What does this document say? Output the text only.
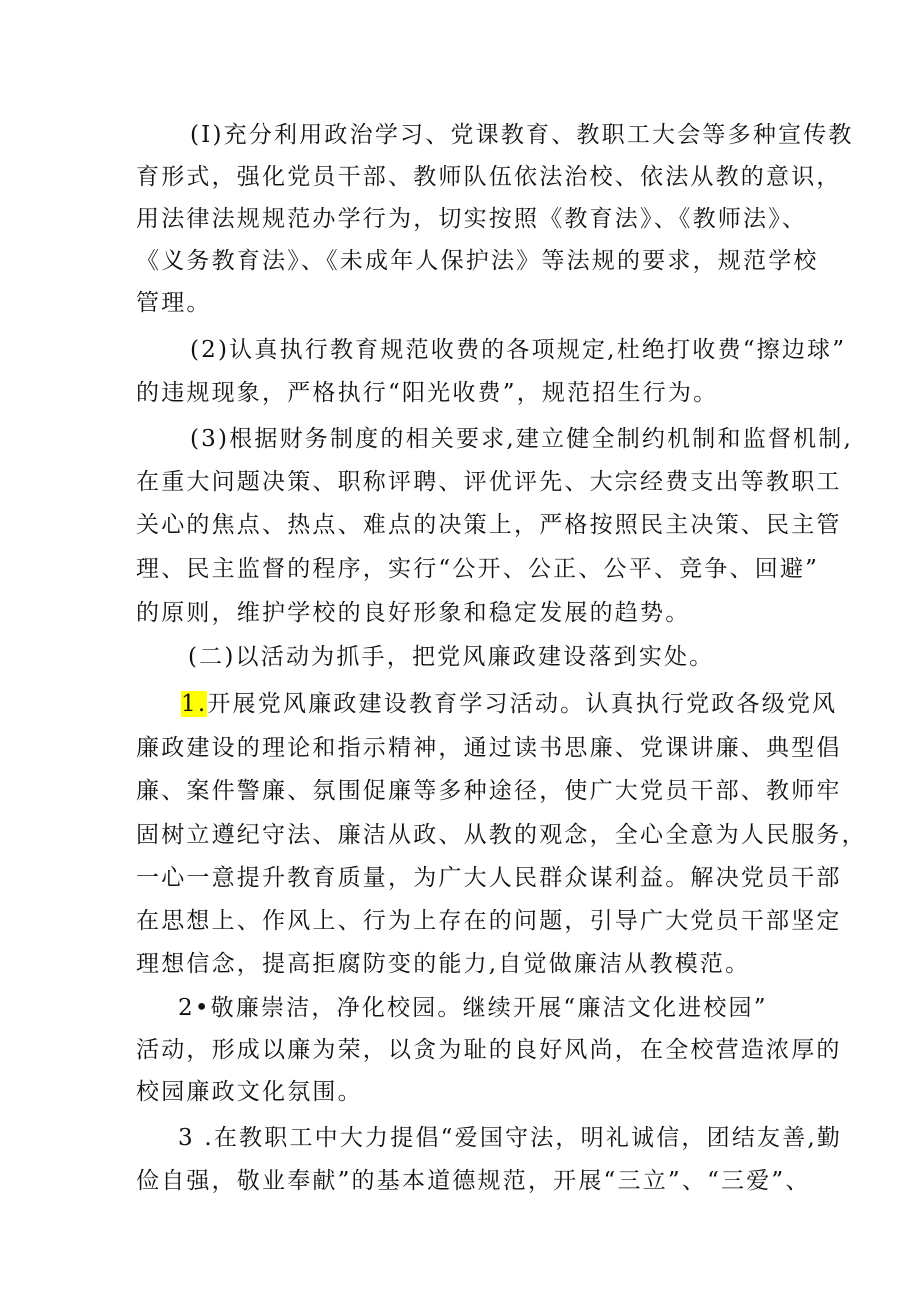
(I)充分利用政治学习、党课教育、教职工大会等多种宣传教
育形式，强化党员干部、教师队伍依法治校、依法从教的意识，
用法律法规规范办学行为，切实按照《教育法》、《教师法》、
《义务教育法》、《未成年人保护法》等法规的要求，规范学校
管理。
(2)认真执行教育规范收费的各项规定,杜绝打收费“擦边球”
的违规现象，严格执行“阳光收费”，规范招生行为。
(3)根据财务制度的相关要求,建立健全制约机制和监督机制,
在重大问题决策、职称评聘、评优评先、大宗经费支出等教职工
关心的焦点、热点、难点的决策上，严格按照民主决策、民主管
理、民主监督的程序，实行“公开、公正、公平、竞争、回避”
的原则，维护学校的良好形象和稳定发展的趋势。
(二)以活动为抓手，把党风廉政建设落到实处。
1.开展党风廉政建设教育学习活动。认真执行党政各级党风
廉政建设的理论和指示精神，通过读书思廉、党课讲廉、典型倡
廉、案件警廉、氛围促廉等多种途径，使广大党员干部、教师牢
固树立遵纪守法、廉洁从政、从教的观念，全心全意为人民服务，
一心一意提升教育质量，为广大人民群众谋利益。解决党员干部
在思想上、作风上、行为上存在的问题，引导广大党员干部坚定
理想信念，提高拒腐防变的能力,自觉做廉洁从教模范。
2•敬廉崇洁，净化校园。继续开展“廉洁文化进校园”
活动，形成以廉为荣，以贪为耻的良好风尚，在全校营造浓厚的
校园廉政文化氛围。
3 .在教职工中大力提倡“爱国守法，明礼诚信，团结友善,勤
俭自强，敬业奉献”的基本道德规范，开展“三立”、“三爱”、
